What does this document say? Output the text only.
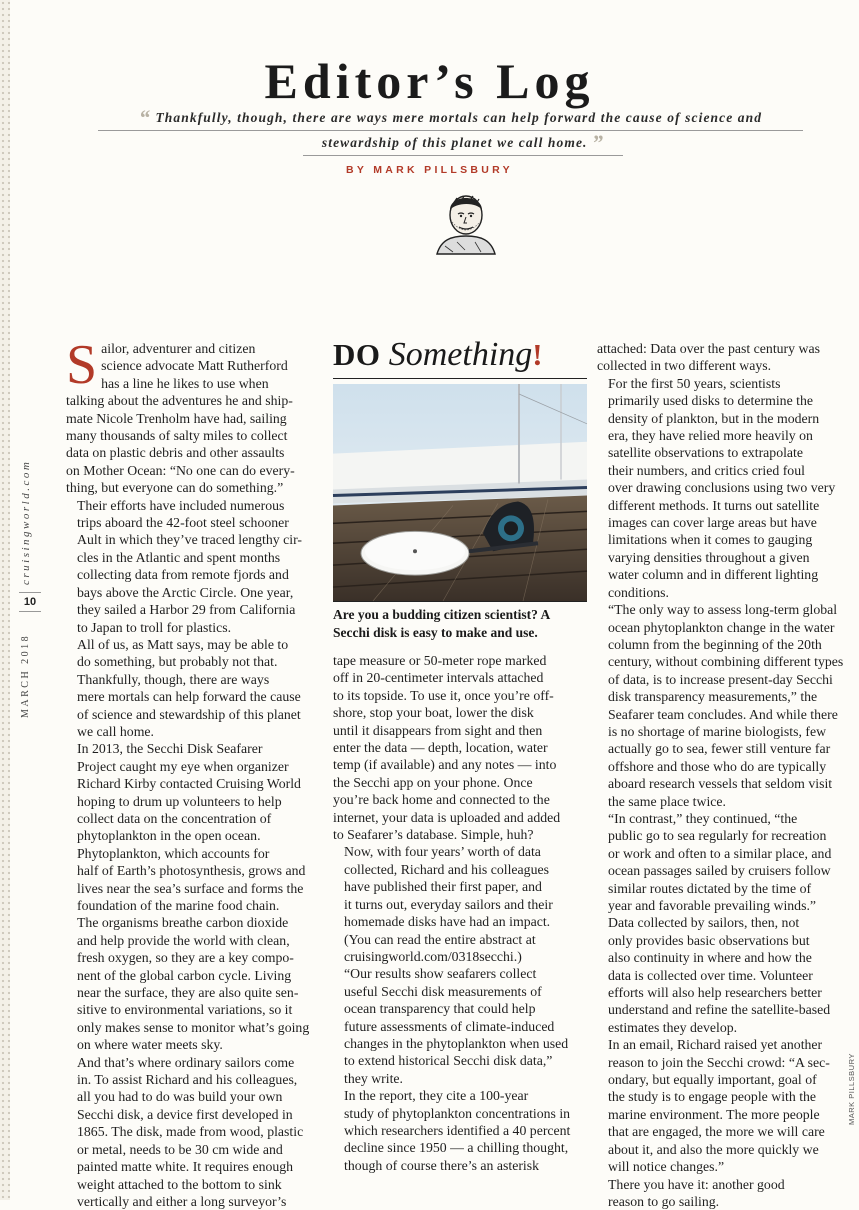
cruisingworld.com
10
MARCH 2018
Editor’s Log
“ Thankfully, though, there are ways mere mortals can help forward the cause of science and
stewardship of this planet we call home. ”
BY MARK PILLSBURY

S ailor, adventurer and citizen
science advocate Matt Rutherford
has a line he likes to use when
talking about the adventures he and ship-
mate Nicole Trenholm have had, sailing
many thousands of salty miles to collect
data on plastic debris and other assaults
on Mother Ocean: “No one can do every-
thing, but everyone can do something.”

Their efforts have included numerous
trips aboard the 42-foot steel schooner
Ault in which they’ve traced lengthy cir-
cles in the Atlantic and spent months
collecting data from remote fjords and
bays above the Arctic Circle. One year,
they sailed a Harbor 29 from California
to Japan to troll for plastics.

All of us, as Matt says, may be able to
do something, but probably not that.

Thankfully, though, there are ways
mere mortals can help forward the cause
of science and stewardship of this planet
we call home.

In 2013, the Secchi Disk Seafarer
Project caught my eye when organizer
Richard Kirby contacted Cruising World
hoping to drum up volunteers to help
collect data on the concentration of
phytoplankton in the open ocean.

Phytoplankton, which accounts for
half of Earth’s photosynthesis, grows and
lives near the sea’s surface and forms the
foundation of the marine food chain.
The organisms breathe carbon dioxide
and help provide the world with clean,
fresh oxygen, so they are a key compo-
nent of the global carbon cycle. Living
near the surface, they are also quite sen-
sitive to environmental variations, so it
only makes sense to monitor what’s going
on where water meets sky.

And that’s where ordinary sailors come
in. To assist Richard and his colleagues,
all you had to do was build your own
Secchi disk, a device first developed in
1865. The disk, made from wood, plastic
or metal, needs to be 30 cm wide and
painted matte white. It requires enough
weight attached to the bottom to sink
vertically and either a long surveyor’s

DO Something!
Are you a budding citizen scientist? A
Secchi disk is easy to make and use.

tape measure or 50-meter rope marked
off in 20-centimeter intervals attached
to its topside. To use it, once you’re off-
shore, stop your boat, lower the disk
until it disappears from sight and then
enter the data — depth, location, water
temp (if available) and any notes — into
the Secchi app on your phone. Once
you’re back home and connected to the
internet, your data is uploaded and added
to Seafarer’s database. Simple, huh?

Now, with four years’ worth of data
collected, Richard and his colleagues
have published their first paper, and
it turns out, everyday sailors and their
homemade disks have had an impact.
(You can read the entire abstract at
cruisingworld.com/0318secchi.)

“Our results show seafarers collect
useful Secchi disk measurements of
ocean transparency that could help
future assessments of climate-induced
changes in the phytoplankton when used
to extend historical Secchi disk data,”
they write.

In the report, they cite a 100-year
study of phytoplankton concentrations in
which researchers identified a 40 percent
decline since 1950 — a chilling thought,
though of course there’s an asterisk

attached: Data over the past century was
collected in two different ways.

For the first 50 years, scientists
primarily used disks to determine the
density of plankton, but in the modern
era, they have relied more heavily on
satellite observations to extrapolate
their numbers, and critics cried foul
over drawing conclusions using two very
different methods. It turns out satellite
images can cover large areas but have
limitations when it comes to gauging
varying densities throughout a given
water column and in different lighting
conditions.

“The only way to assess long-term global
ocean phytoplankton change in the water
column from the beginning of the 20th
century, without combining different types
of data, is to increase present-day Secchi
disk transparency measurements,” the
Seafarer team concludes. And while there
is no shortage of marine biologists, few
actually go to sea, fewer still venture far
offshore and those who do are typically
aboard research vessels that seldom visit
the same place twice.

“In contrast,” they continued, “the
public go to sea regularly for recreation
or work and often to a similar place, and
ocean passages sailed by cruisers follow
similar routes dictated by the time of
year and favorable prevailing winds.”

Data collected by sailors, then, not
only provides basic observations but
also continuity in where and how the
data is collected over time. Volunteer
efforts will also help researchers better
understand and refine the satellite-based
estimates they develop.

In an email, Richard raised yet another
reason to join the Secchi crowd: “A sec-
ondary, but equally important, goal of
the study is to engage people with the
marine environment. The more people
that are engaged, the more we will care
about it, and also the more quickly we
will notice changes.”

There you have it: another good
reason to go sailing.

MARK PILLSBURY
